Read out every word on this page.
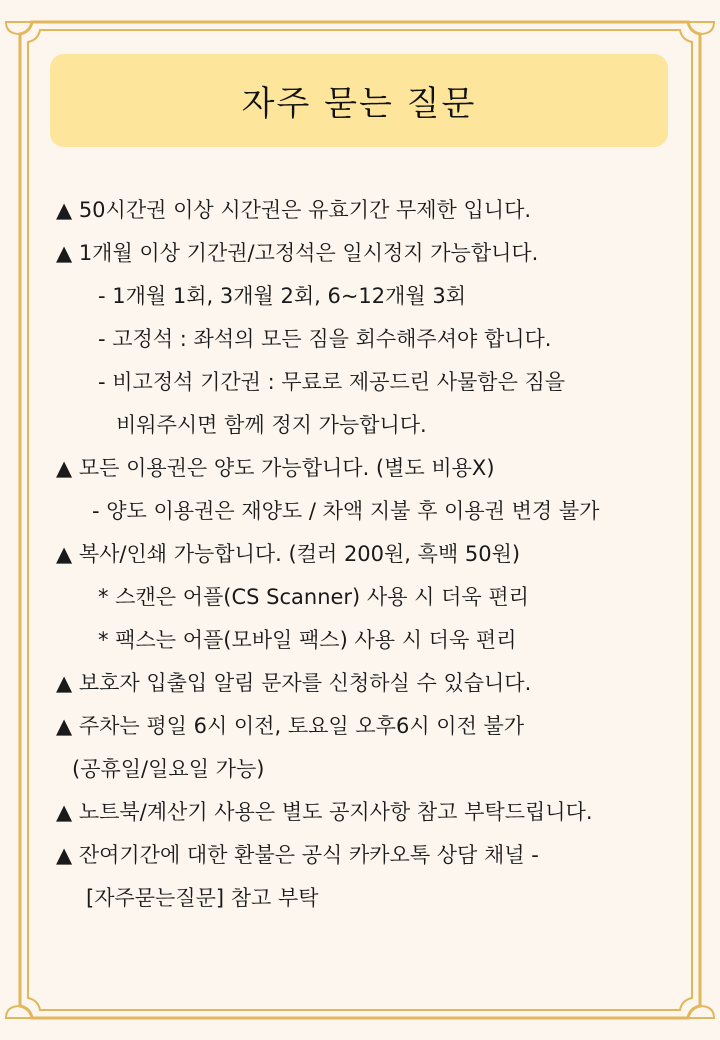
자주 묻는 질문
▲ 50시간권 이상 시간권은 유효기간 무제한 입니다.
▲ 1개월 이상 기간권/고정석은 일시정지 가능합니다.
- 1개월 1회, 3개월 2회, 6~12개월 3회
- 고정석 : 좌석의 모든 짐을 회수해주셔야 합니다.
- 비고정석 기간권 : 무료로 제공드린 사물함은 짐을
비워주시면 함께 정지 가능합니다.
▲ 모든 이용권은 양도 가능합니다. (별도 비용X)
- 양도 이용권은 재양도 / 차액 지불 후 이용권 변경 불가
▲ 복사/인쇄 가능합니다. (컬러 200원, 흑백 50원)
* 스캔은 어플(CS Scanner) 사용 시 더욱 편리
* 팩스는 어플(모바일 팩스) 사용 시 더욱 편리
▲ 보호자 입출입 알림 문자를 신청하실 수 있습니다.
▲ 주차는 평일 6시 이전, 토요일 오후6시 이전 불가
(공휴일/일요일 가능)
▲ 노트북/계산기 사용은 별도 공지사항 참고 부탁드립니다.
▲ 잔여기간에 대한 환불은 공식 카카오톡 상담 채널 -
[자주묻는질문] 참고 부탁
